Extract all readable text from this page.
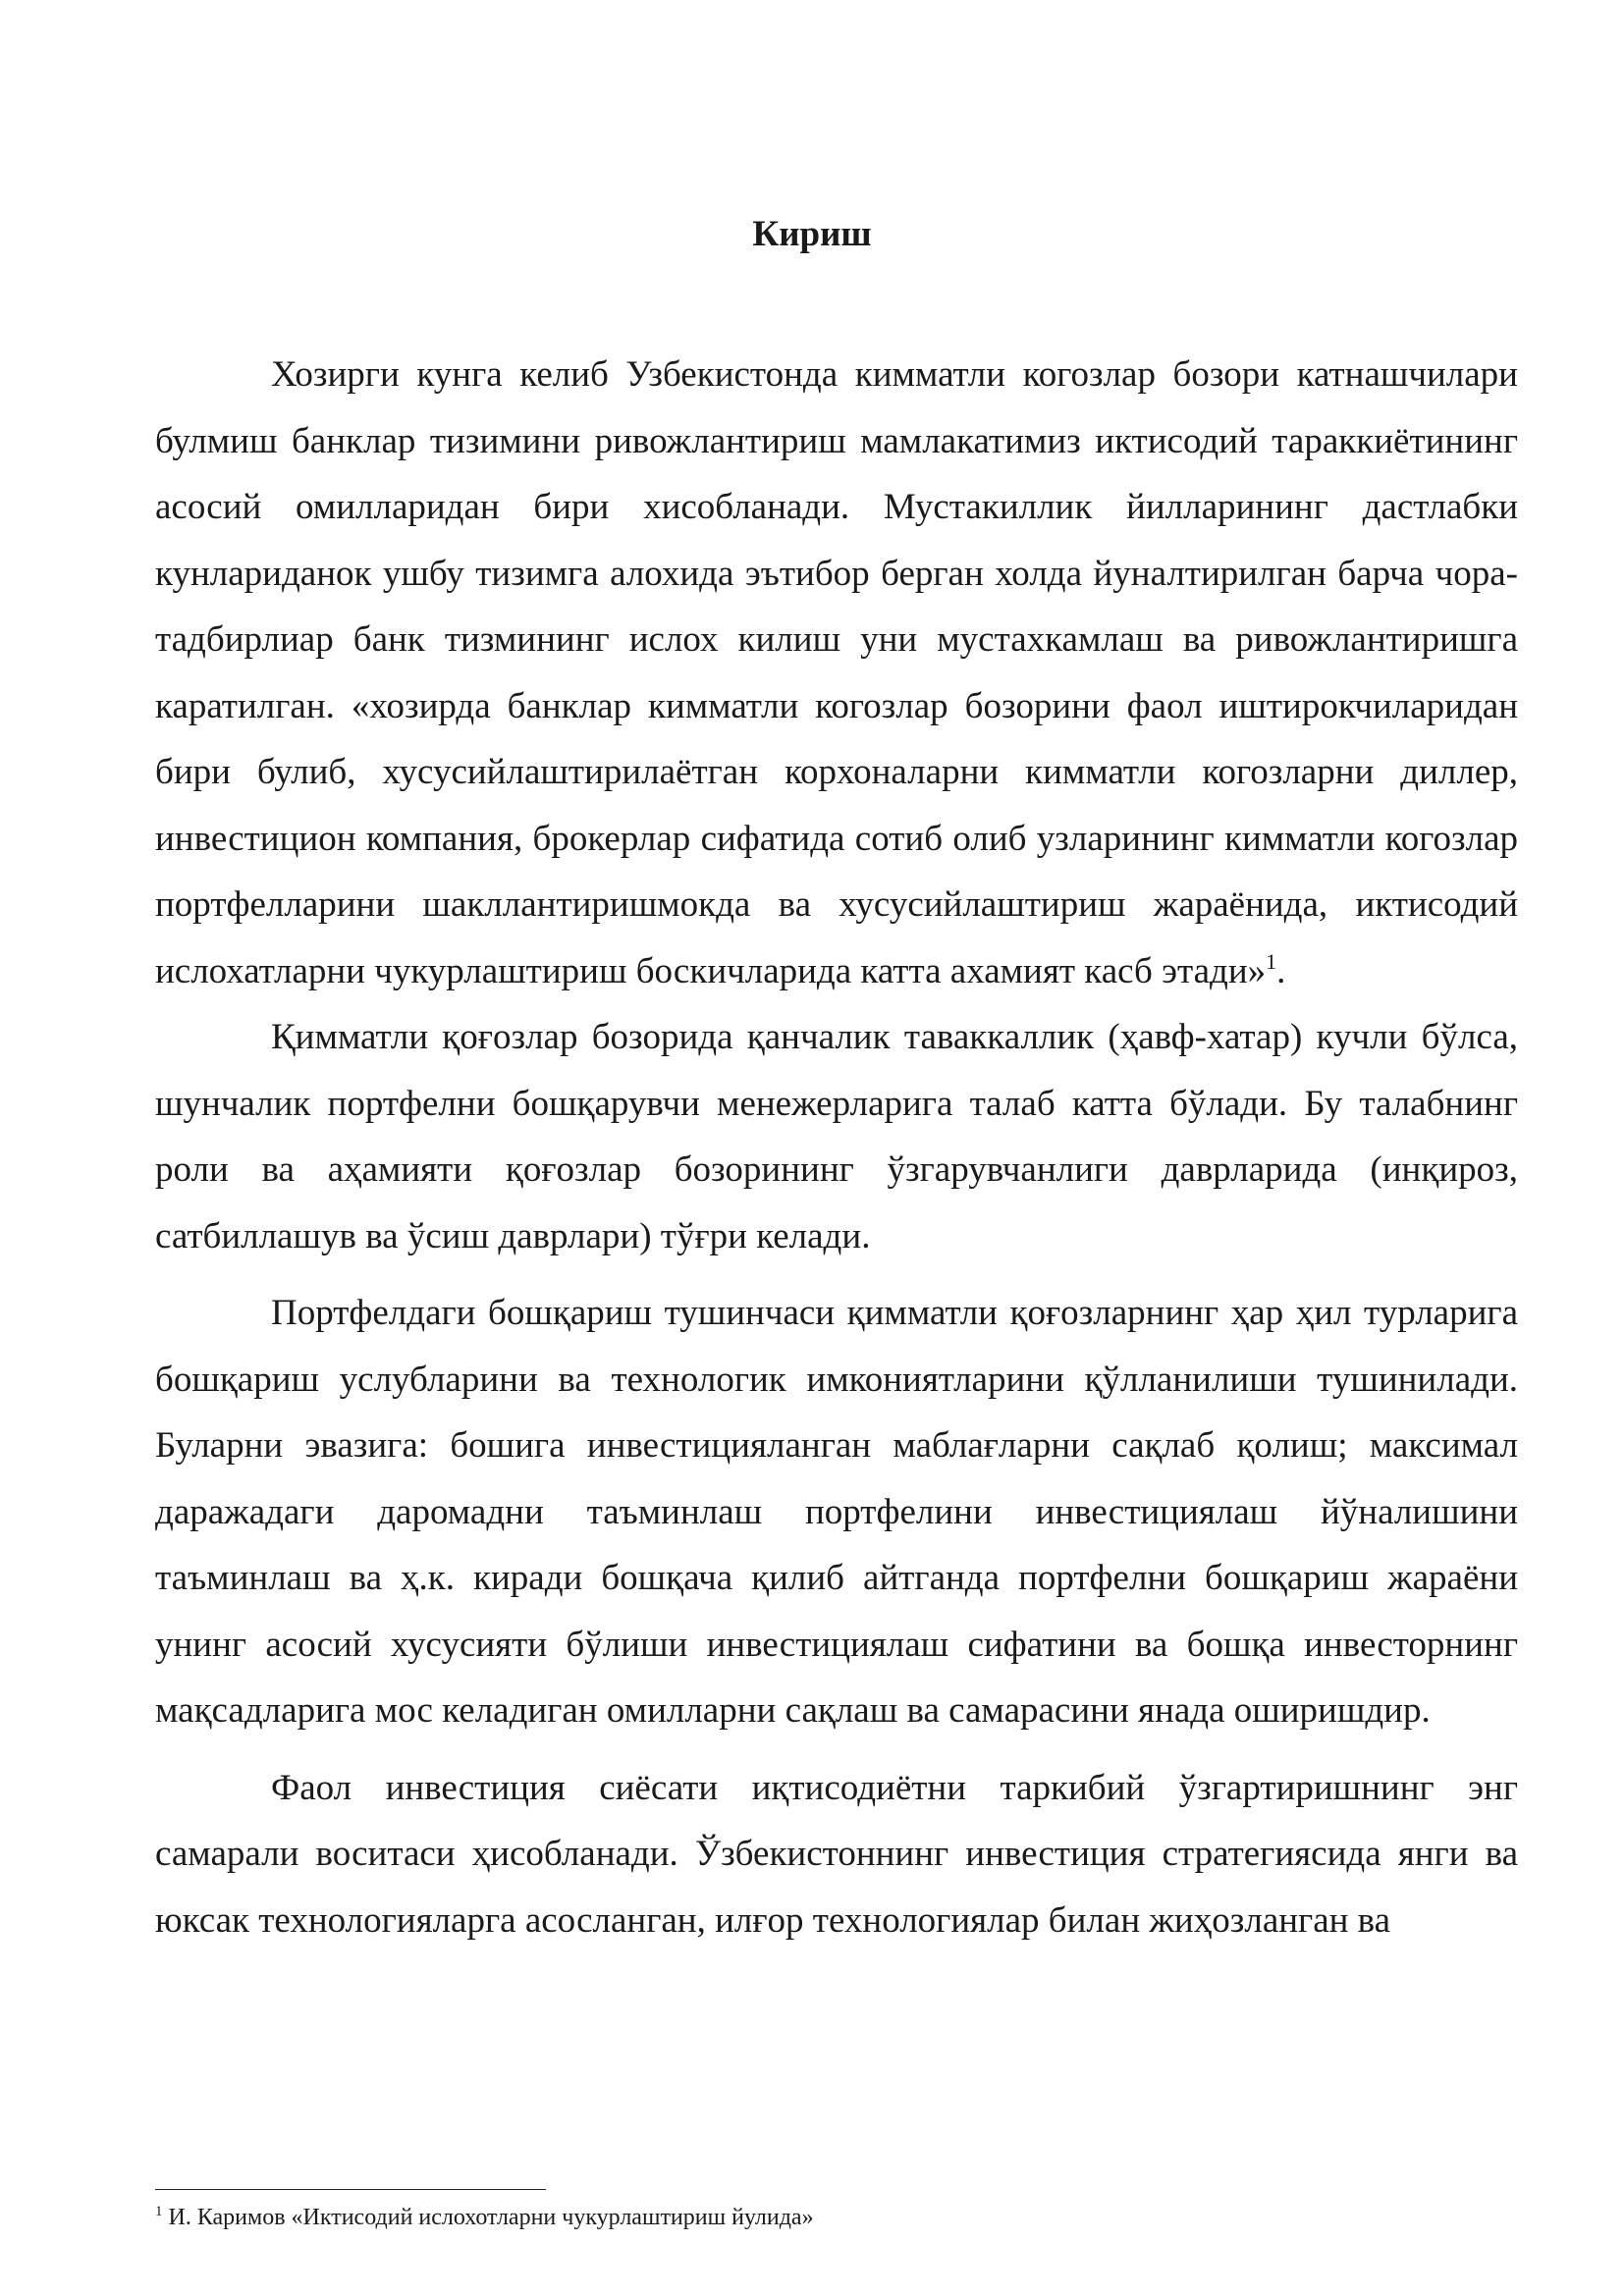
Кириш

Хозирги кунга келиб Узбекистонда кимматли когозлар бозори катнашчилари булмиш банклар тизимини ривожлантириш мамлакатимиз иктисодий тараккиётининг асосий омилларидан бири хисобланади. Мустакиллик йилларининг дастлабки кунлариданок ушбу тизимга алохида эътибор берган холда йуналтирилган барча чора-тадбирлиар банк тизмининг ислох килиш уни мустахкамлаш ва ривожлантиришга каратилган. «хозирда банклар кимматли когозлар бозорини фаол иштирокчиларидан бири булиб, хусусийлаштирилаётган корхоналарни кимматли когозларни диллер, инвестицион компания, брокерлар сифатида сотиб олиб узларининг кимматли когозлар портфелларини шакллантиришмокда ва хусусийлаштириш жараёнида, иктисодий ислохатларни чукурлаштириш боскичларида катта ахамият касб этади»$^1$.

Қимматли қоғозлар бозорида қанчалик таваккаллик (ҳавф-хатар) кучли бўлса, шунчалик портфелни бошқарувчи менежерларига талаб катта бўлади. Бу талабнинг роли ва аҳамияти қоғозлар бозорининг ўзгарувчанлиги даврларида (инқироз, сатбиллашув ва ўсиш даврлари) тўғри келади.

Портфелдаги бошқариш тушинчаси қимматли қоғозларнинг ҳар ҳил турларига бошқариш услубларини ва технологик имкониятларини қўлланилиши тушинилади. Буларни эвазига: бошига инвестицияланган маблағларни сақлаб қолиш; максимал даражадаги даромадни таъминлаш портфелини инвестициялаш йўналишини таъминлаш ва ҳ.к. киради бошқача қилиб айтганда портфелни бошқариш жараёни унинг асосий хусусияти бўлиши инвестициялаш сифатини ва бошқа инвесторнинг мақсадларига мос келадиган омилларни сақлаш ва самарасини янада оширишдир.

Фаол инвестиция сиёсати иқтисодиётни таркибий ўзгартиришнинг энг самарали воситаси ҳисобланади. Ўзбекистоннинг инвестиция стратегиясида янги ва юксак технологияларга асосланган, илғор технологиялар билан жиҳозланган ва

$^1$ И. Каримов «Иктисодий ислохотларни чукурлаштириш йулида»
